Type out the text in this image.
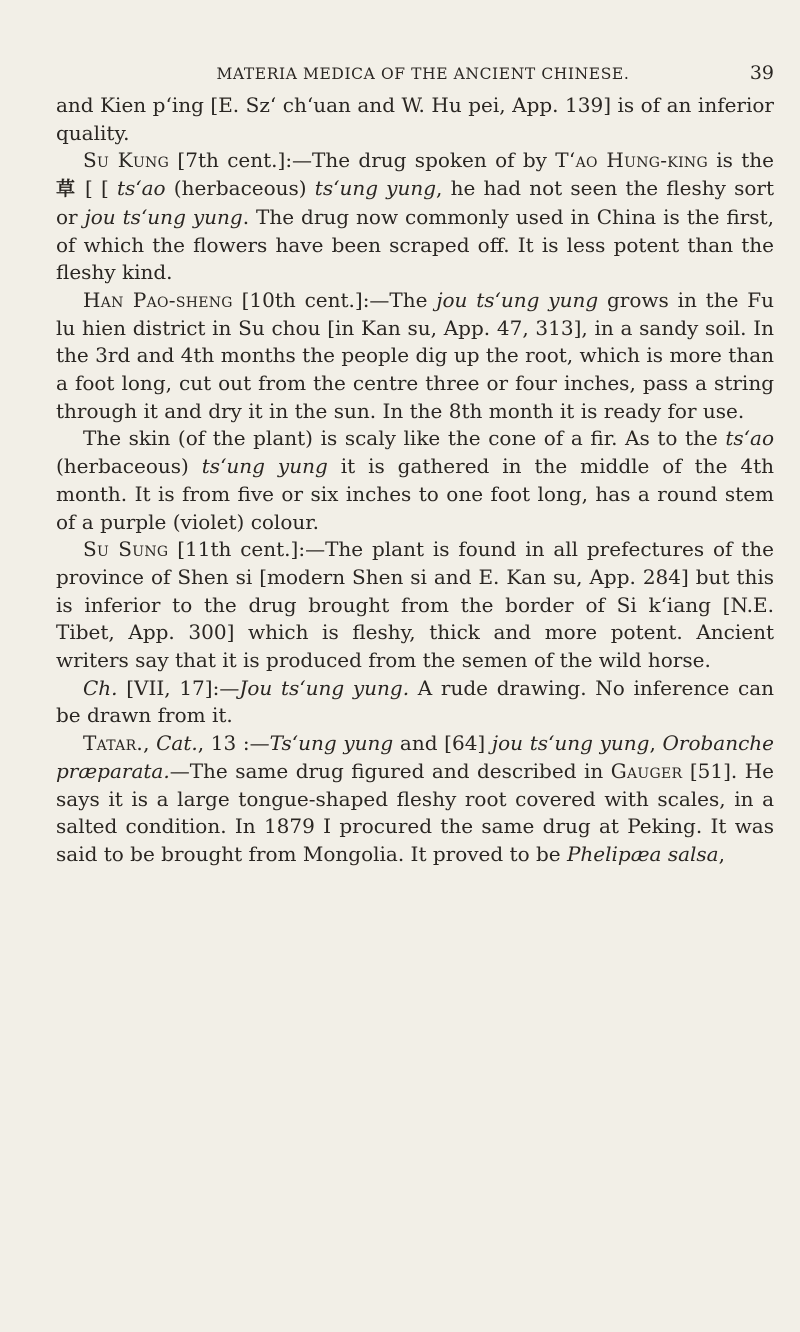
MATERIA MEDICA OF THE ANCIENT CHINESE.	39

and Kien p‘ing [E. Sz‘ ch‘uan and W. Hu pei, App. 139] is of an inferior quality.

Su Kung [7th cent.]:—The drug spoken of by T‘ao Hung-king is the 草 [ [ ts‘ao (herbaceous) ts‘ung yung, he had not seen the fleshy sort or jou ts‘ung yung. The drug now commonly used in China is the first, of which the flowers have been scraped off. It is less potent than the fleshy kind.

Han Pao-sheng [10th cent.]:—The jou ts‘ung yung grows in the Fu lu hien district in Su chou [in Kan su, App. 47, 313], in a sandy soil. In the 3rd and 4th months the people dig up the root, which is more than a foot long, cut out from the centre three or four inches, pass a string through it and dry it in the sun. In the 8th month it is ready for use.

The skin (of the plant) is scaly like the cone of a fir. As to the ts‘ao (herbaceous) ts‘ung yung it is gathered in the middle of the 4th month. It is from five or six inches to one foot long, has a round stem of a purple (violet) colour.

Su Sung [11th cent.]:—The plant is found in all prefectures of the province of Shen si [modern Shen si and E. Kan su, App. 284] but this is inferior to the drug brought from the border of Si k‘iang [N.E. Tibet, App. 300] which is fleshy, thick and more potent. Ancient writers say that it is produced from the semen of the wild horse.

Ch. [VII, 17]:—Jou ts‘ung yung. A rude drawing. No inference can be drawn from it.

Tatar., Cat., 13 :—Ts‘ung yung and [64] jou ts‘ung yung, Orobanche præparata.—The same drug figured and described in Gauger [51]. He says it is a large tongue-shaped fleshy root covered with scales, in a salted condition. In 1879 I procured the same drug at Peking. It was said to be brought from Mongolia. It proved to be Phelipæa salsa,
